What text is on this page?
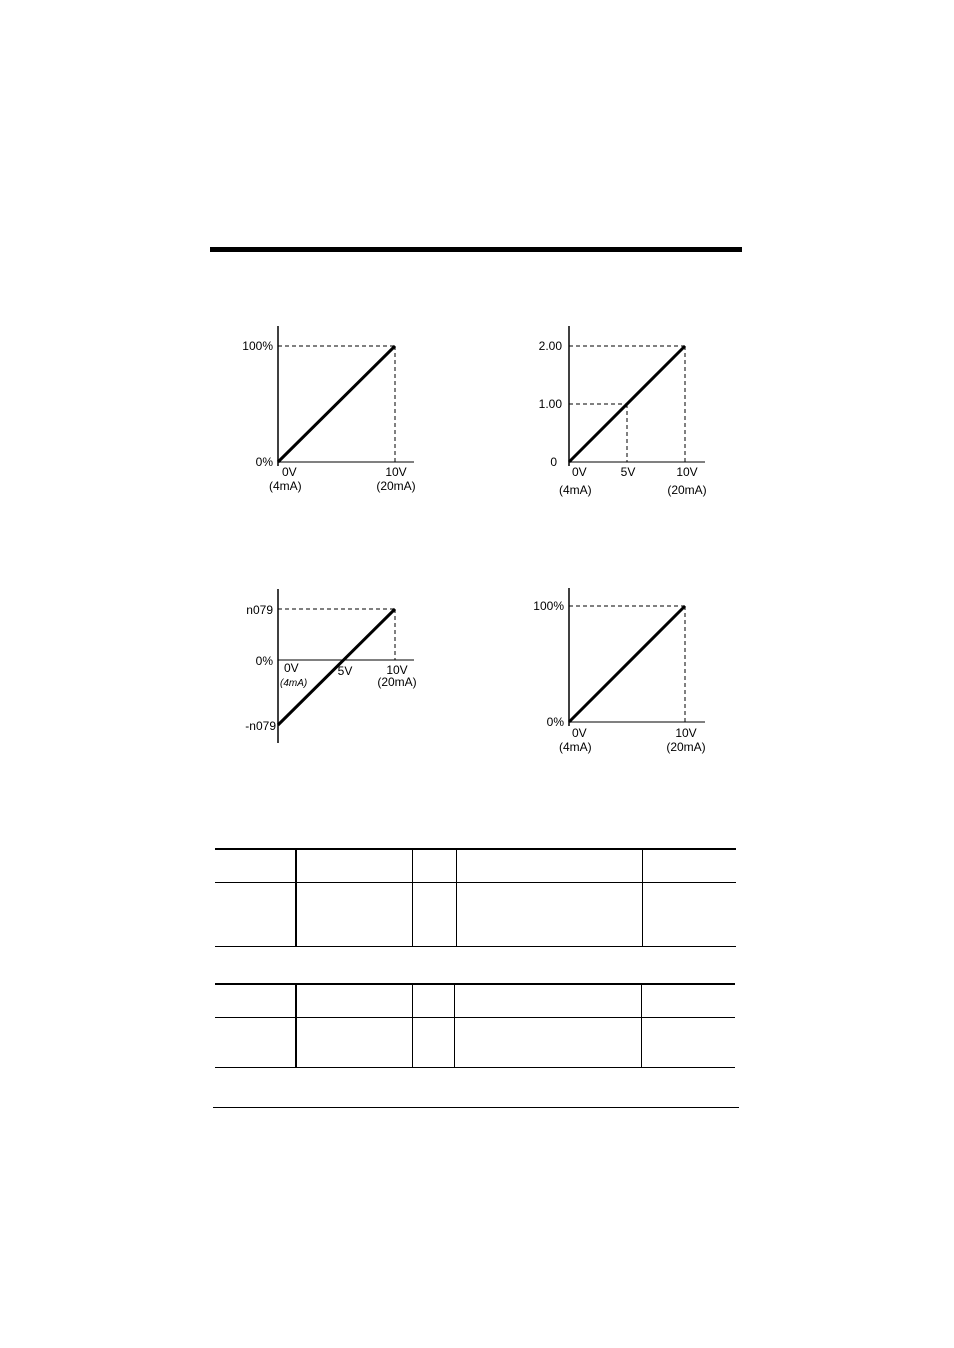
100%
0%
0V	10V
(4mA)	(20mA)
2.00
1.00
0
0V	5V	10V
(4mA)	(20mA)
n079
0%
-n079
0V	5V	10V
(4mA)	(20mA)
100%
0%
0V	10V
(4mA)	(20mA)
